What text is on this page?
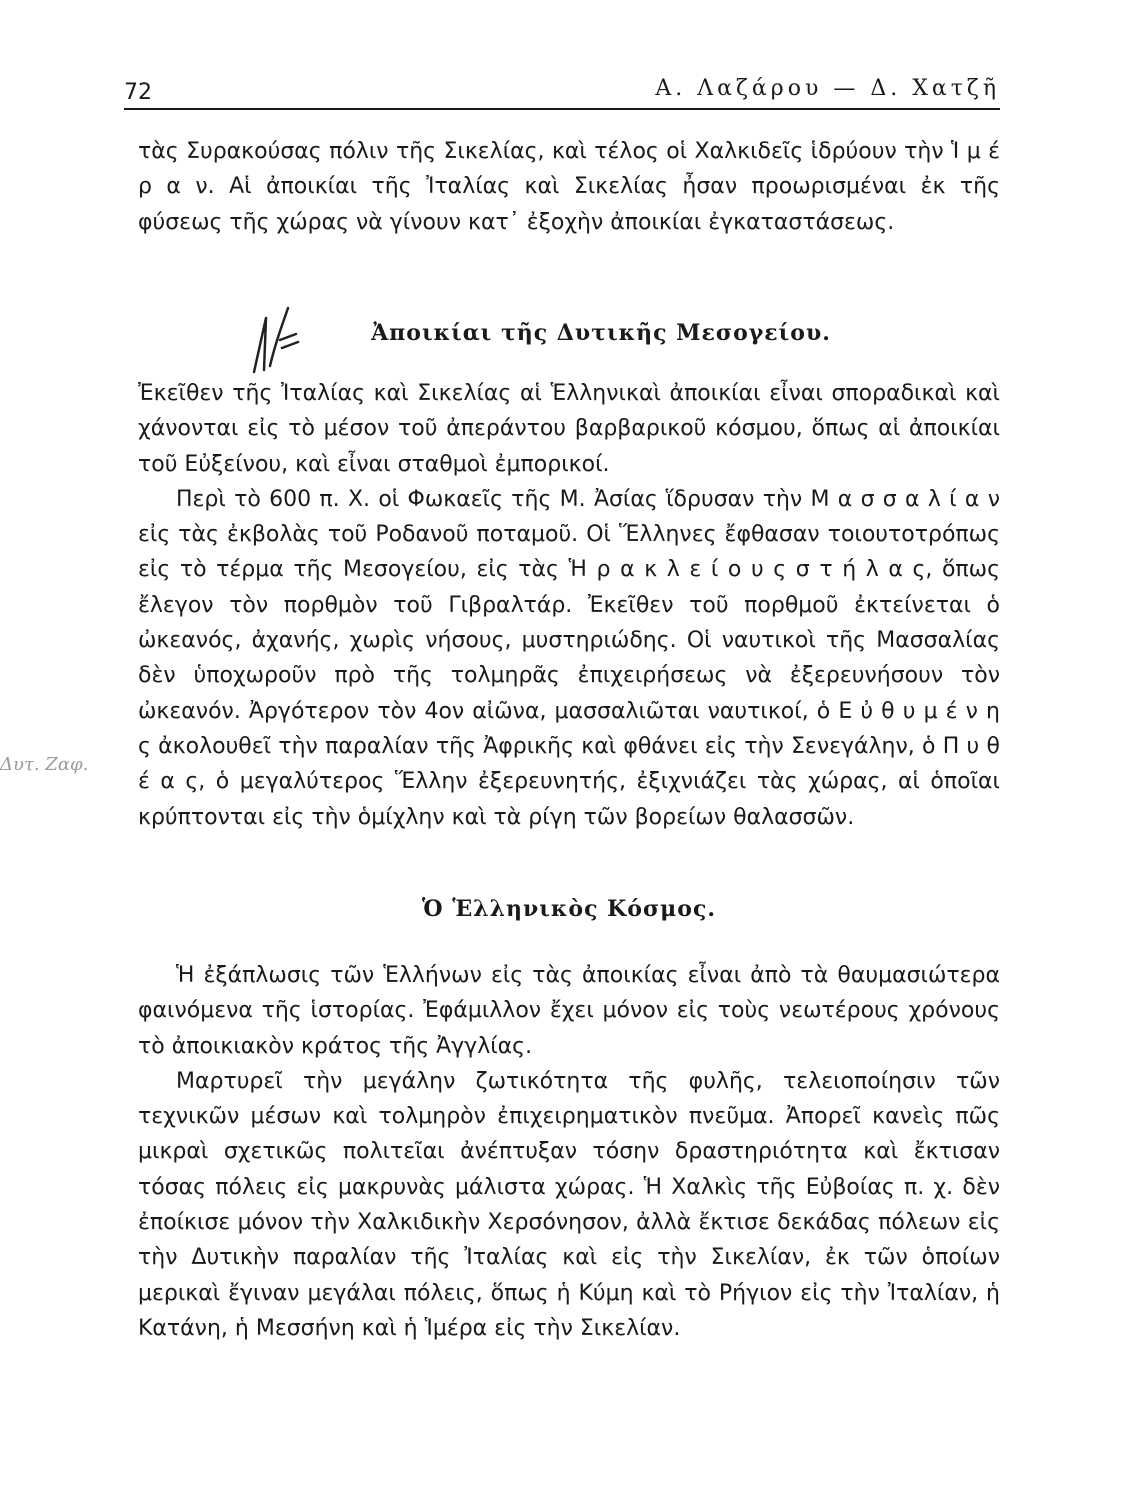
72	Α. Λαζάρου — Δ. Χατζῆ

τὰς Συρακούσας πόλιν τῆς Σικελίας, καὶ τέλος οἱ Χαλκιδεῖς ἱδρύουν τὴν Ἱ μ έ ρ α ν. Αἱ ἀποικίαι τῆς Ἰταλίας καὶ Σικελίας ἦσαν προωρισμέναι ἐκ τῆς φύσεως τῆς χώρας νὰ γίνουν κατ᾿ ἐξοχὴν ἀποικίαι ἐγκαταστάσεως.

Ἀποικίαι τῆς Δυτικῆς Μεσογείου.

Ἐκεῖθεν τῆς Ἰταλίας καὶ Σικελίας αἱ Ἑλληνικαὶ ἀποικίαι εἶναι σποραδικαὶ καὶ χάνονται εἰς τὸ μέσον τοῦ ἀπεράντου βαρβαρικοῦ κόσμου, ὅπως αἱ ἀποικίαι τοῦ Εὐξείνου, καὶ εἶναι σταθμοὶ ἐμπορικοί.

Περὶ τὸ 600 π. Χ. οἱ Φωκαεῖς τῆς Μ. Ἀσίας ἵδρυσαν τὴν Μ α σ σ α λ ί α ν εἰς τὰς ἐκβολὰς τοῦ Ροδανοῦ ποταμοῦ. Οἱ Ἕλληνες ἔφθασαν τοιουτοτρόπως εἰς τὸ τέρμα τῆς Μεσογείου, εἰς τὰς Ἡ ρ α κ λ ε ί ο υ ς σ τ ή λ α ς, ὅπως ἔλεγον τὸν πορθμὸν τοῦ Γιβραλτάρ. Ἐκεῖθεν τοῦ πορθμοῦ ἐκτείνεται ὁ ὠκεανός, ἀχανής, χωρὶς νήσους, μυστηριώδης. Οἱ ναυτικοὶ τῆς Μασσαλίας δὲν ὑποχωροῦν πρὸ τῆς τολμηρᾶς ἐπιχειρήσεως νὰ ἐξερευνήσουν τὸν ὠκεανόν. Ἀργότερον τὸν 4ον αἰῶνα, μασσαλιῶται ναυτικοί, ὁ Ε ὐ θ υ μ έ ν η ς ἀκολουθεῖ τὴν παραλίαν τῆς Ἀφρικῆς καὶ φθάνει εἰς τὴν Σενεγάλην, ὁ Π υ θ έ α ς, ὁ μεγαλύτερος Ἕλλην ἐξερευνητής, ἐξιχνιάζει τὰς χώρας, αἱ ὁποῖαι κρύπτονται εἰς τὴν ὁμίχλην καὶ τὰ ρίγη τῶν βορείων θαλασσῶν.

Δυτ. Ζαφ.
Ὁ Ἑλληνικὸς Κόσμος.

Ἡ ἐξάπλωσις τῶν Ἑλλήνων εἰς τὰς ἀποικίας εἶναι ἀπὸ τὰ θαυμασιώτερα φαινόμενα τῆς ἱστορίας. Ἐφάμιλλον ἔχει μόνον εἰς τοὺς νεωτέρους χρόνους τὸ ἀποικιακὸν κράτος τῆς Ἀγγλίας.

Μαρτυρεῖ τὴν μεγάλην ζωτικότητα τῆς φυλῆς, τελειοποίησιν τῶν τεχνικῶν μέσων καὶ τολμηρὸν ἐπιχειρηματικὸν πνεῦμα. Ἀπορεῖ κανεὶς πῶς μικραὶ σχετικῶς πολιτεῖαι ἀνέπτυξαν τόσην δραστηριότητα καὶ ἔκτισαν τόσας πόλεις εἰς μακρυνὰς μάλιστα χώρας. Ἡ Χαλκὶς τῆς Εὐβοίας π. χ. δὲν ἐποίκισε μόνον τὴν Χαλκιδικὴν Χερσόνησον, ἀλλὰ ἔκτισε δεκάδας πόλεων εἰς τὴν Δυτικὴν παραλίαν τῆς Ἰταλίας καὶ εἰς τὴν Σικελίαν, ἐκ τῶν ὁποίων μερικαὶ ἔγιναν μεγάλαι πόλεις, ὅπως ἡ Κύμη καὶ τὸ Ρήγιον εἰς τὴν Ἰταλίαν, ἡ Κατάνη, ἡ Μεσσήνη καὶ ἡ Ἱμέρα εἰς τὴν Σικελίαν.
